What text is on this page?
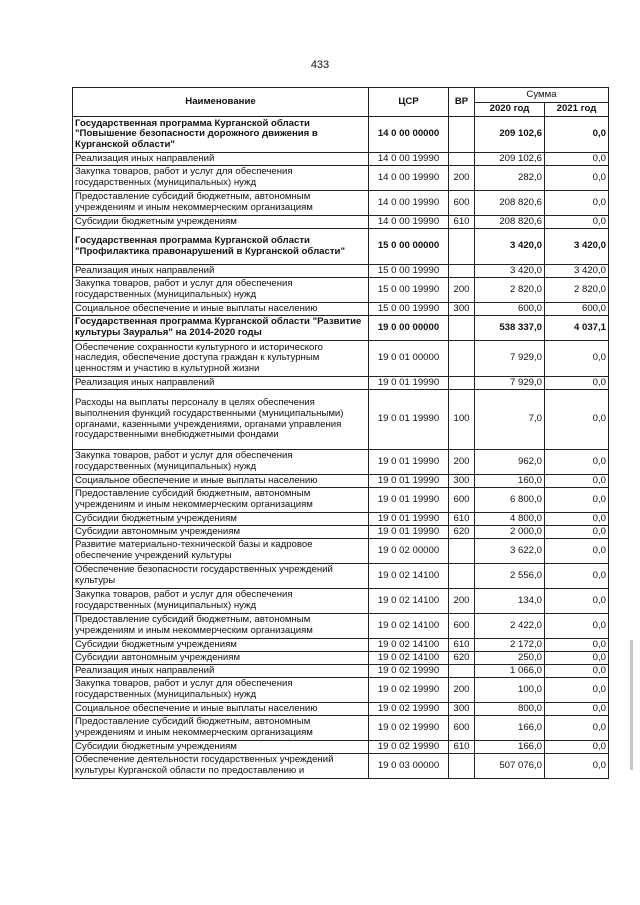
433
Наименование	ЦСР	ВР	Сумма	
			2020 год	2021 год
Государственная программа Курганской области "Повышение безопасности дорожного движения в Курганской области"	14 0 00 00000		209 102,6	0,0
Реализация иных направлений	14 0 00 19990		209 102,6	0,0
Закупка товаров, работ и услуг для обеспечения государственных (муниципальных) нужд	14 0 00 19990	200	282,0	0,0
Предоставление субсидий бюджетным, автономным учреждениям и иным некоммерческим организациям	14 0 00 19990	600	208 820,6	0,0
Субсидии бюджетным учреждениям	14 0 00 19990	610	208 820,6	0,0
Государственная программа Курганской области "Профилактика правонарушений в Курганской области"	15 0 00 00000		3 420,0	3 420,0
Реализация иных направлений	15 0 00 19990		3 420,0	3 420,0
Закупка товаров, работ и услуг для обеспечения государственных (муниципальных) нужд	15 0 00 19990	200	2 820,0	2 820,0
Социальное обеспечение и иные выплаты населению	15 0 00 19990	300	600,0	600,0
Государственная программа Курганской области "Развитие культуры Зауралья" на 2014-2020 годы	19 0 00 00000		538 337,0	4 037,1
Обеспечение сохранности культурного и исторического наследия, обеспечение доступа граждан к культурным ценностям и участию в культурной жизни	19 0 01 00000		7 929,0	0,0
Реализация иных направлений	19 0 01 19990		7 929,0	0,0
Расходы на выплаты персоналу в целях обеспечения выполнения функций государственными (муниципальными) органами, казенными учреждениями, органами управления государственными внебюджетными фондами	19 0 01 19990	100	7,0	0,0
Закупка товаров, работ и услуг для обеспечения государственных (муниципальных) нужд	19 0 01 19990	200	962,0	0,0
Социальное обеспечение и иные выплаты населению	19 0 01 19990	300	160,0	0,0
Предоставление субсидий бюджетным, автономным учреждениям и иным некоммерческим организациям	19 0 01 19990	600	6 800,0	0,0
Субсидии бюджетным учреждениям	19 0 01 19990	610	4 800,0	0,0
Субсидии автономным учреждениям	19 0 01 19990	620	2 000,0	0,0
Развитие материально-технической базы и кадровое обеспечение учреждений культуры	19 0 02 00000		3 622,0	0,0
Обеспечение безопасности государственных учреждений культуры	19 0 02 14100		2 556,0	0,0
Закупка товаров, работ и услуг для обеспечения государственных (муниципальных) нужд	19 0 02 14100	200	134,0	0,0
Предоставление субсидий бюджетным, автономным учреждениям и иным некоммерческим организациям	19 0 02 14100	600	2 422,0	0,0
Субсидии бюджетным учреждениям	19 0 02 14100	610	2 172,0	0,0
Субсидии автономным учреждениям	19 0 02 14100	620	250,0	0,0
Реализация иных направлений	19 0 02 19990		1 066,0	0,0
Закупка товаров, работ и услуг для обеспечения государственных (муниципальных) нужд	19 0 02 19990	200	100,0	0,0
Социальное обеспечение и иные выплаты населению	19 0 02 19990	300	800,0	0,0
Предоставление субсидий бюджетным, автономным учреждениям и иным некоммерческим организациям	19 0 02 19990	600	166,0	0,0
Субсидии бюджетным учреждениям	19 0 02 19990	610	166,0	0,0
Обеспечение деятельности государственных учреждений культуры Курганской области по предоставлению и	19 0 03 00000		507 076,0	0,0
